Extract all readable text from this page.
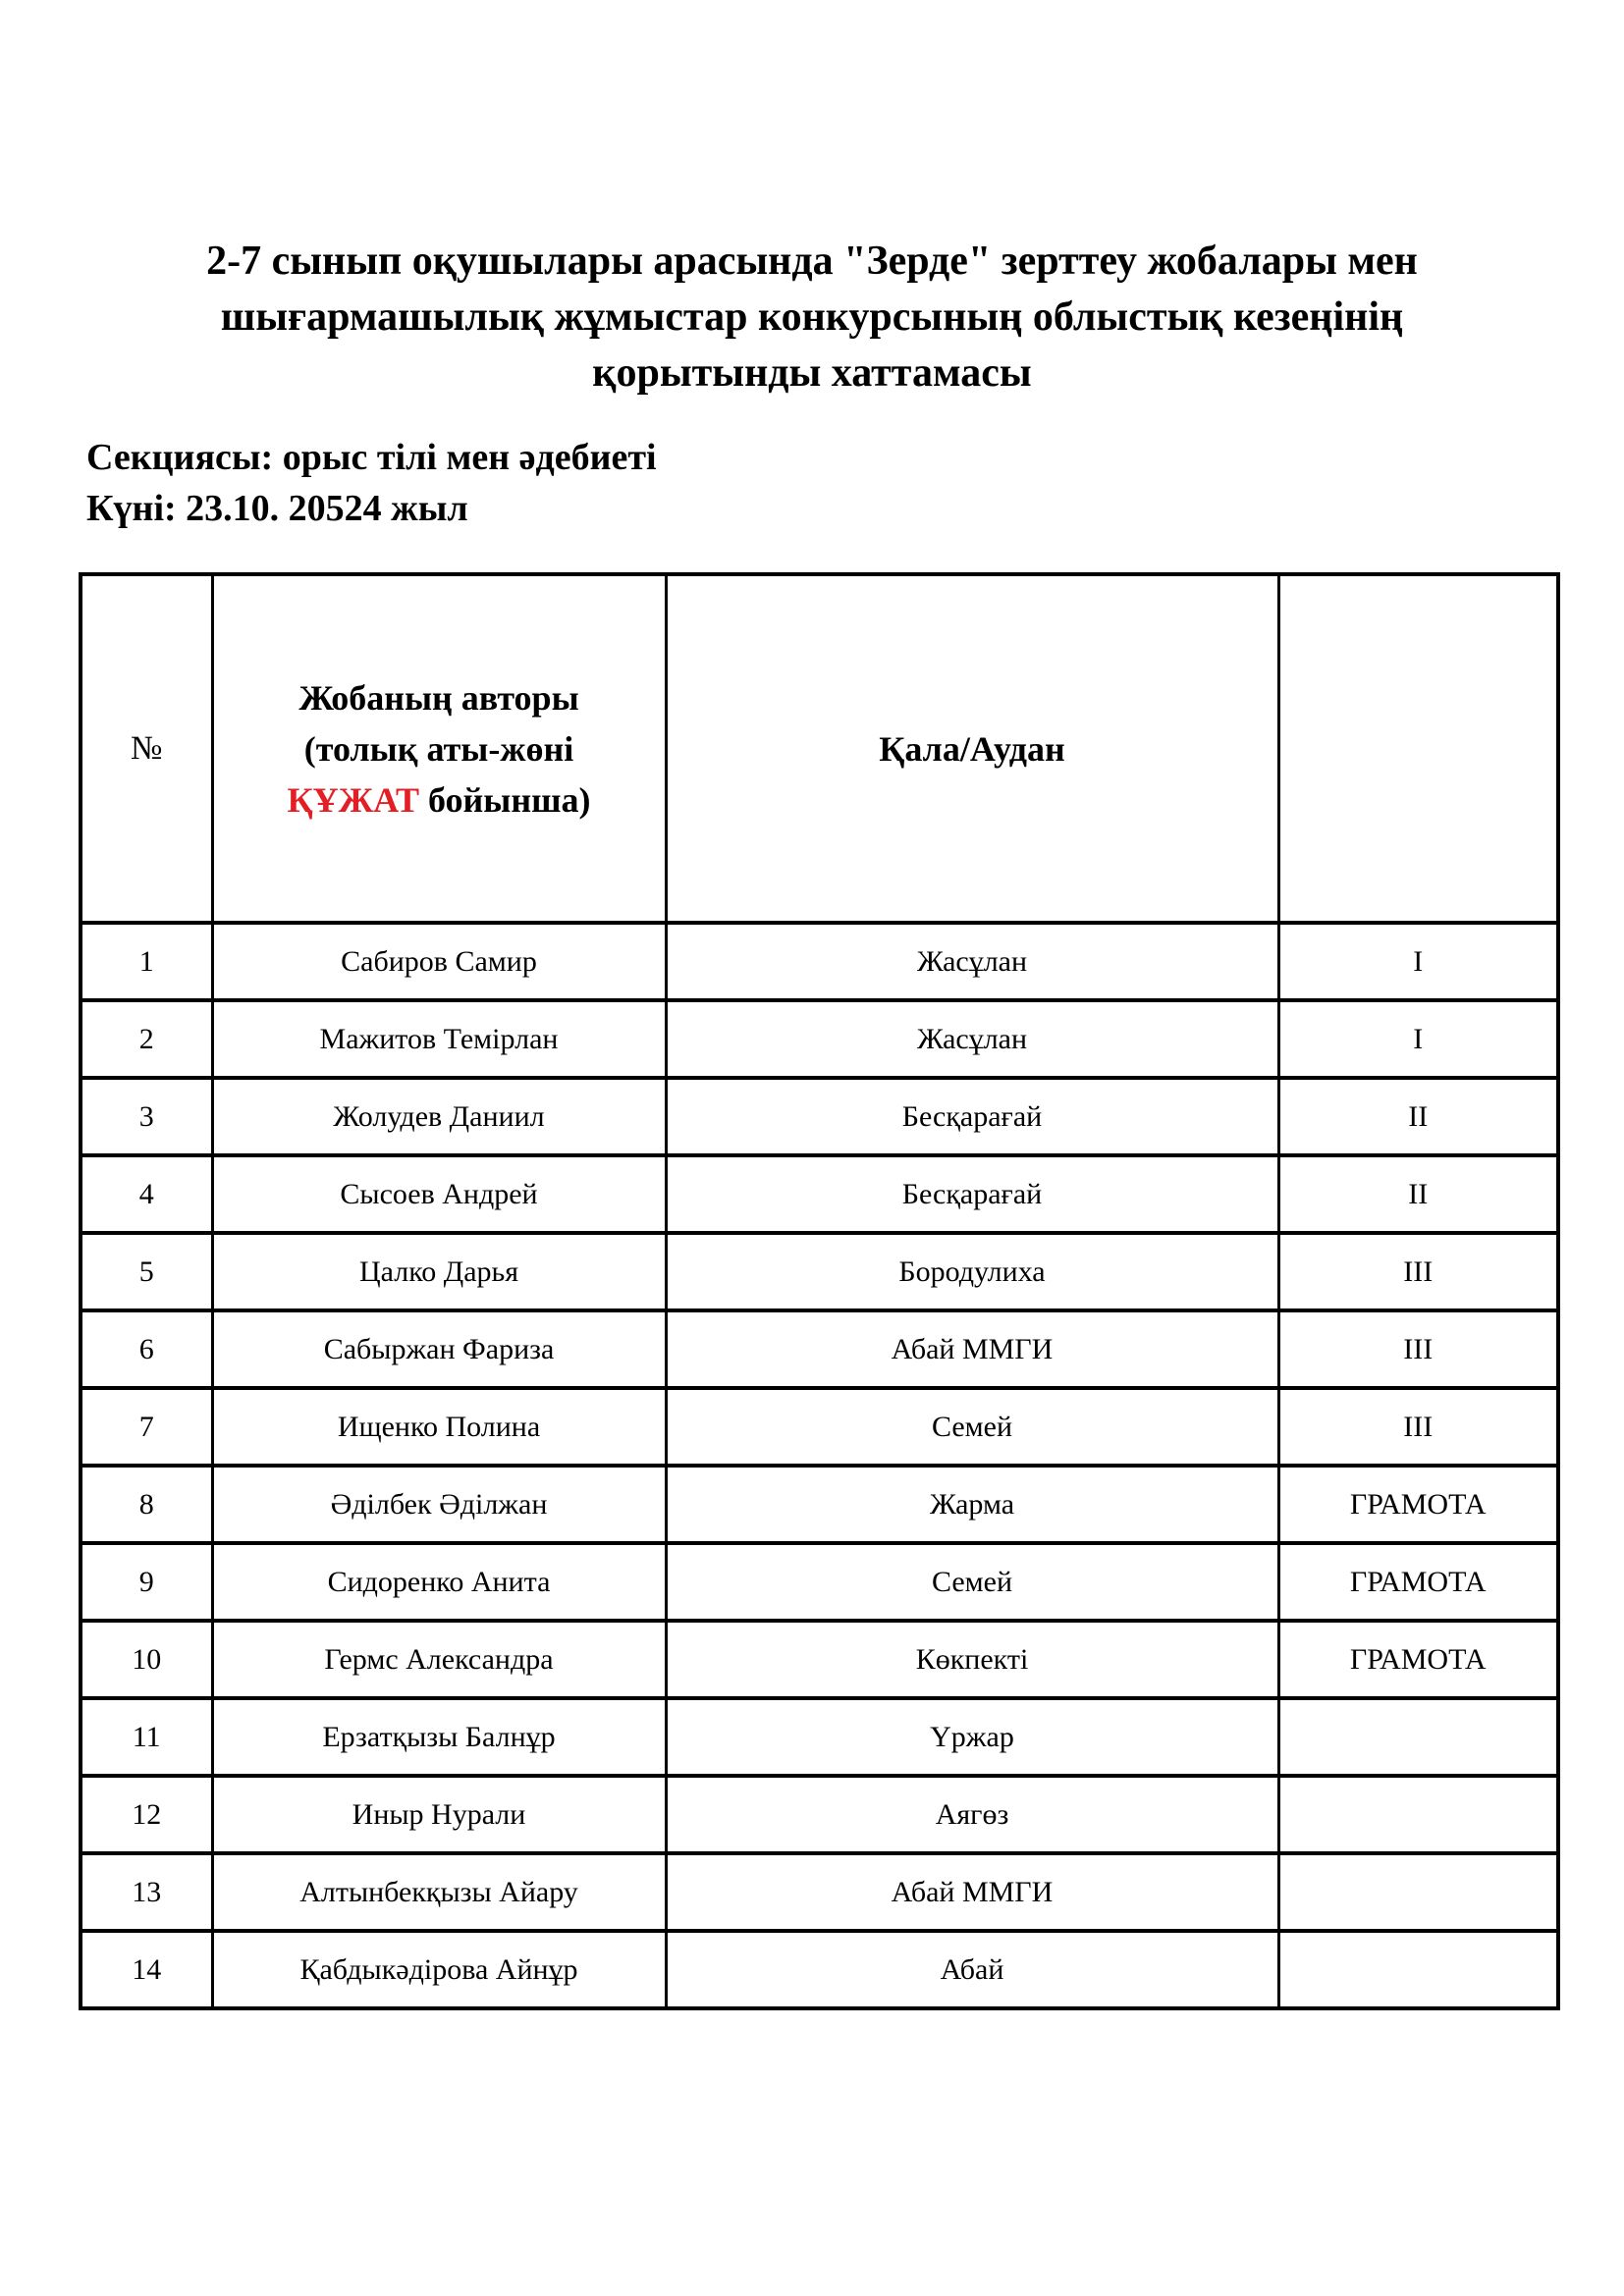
2-7 сынып оқушылары арасында "Зерде" зерттеу жобалары мен
шығармашылық жұмыстар конкурсының облыстық кезеңінің
қорытынды хаттамасы
Секциясы: орыс тілі мен әдебиеті
Күні: 23.10. 20524 жыл
№	Жобаның авторы
(толық аты-жөні
ҚҰЖАТ бойынша)	Қала/Аудан	
1	Сабиров Самир	Жасұлан	I
2	Мажитов Темірлан	Жасұлан	I
3	Жолудев Даниил	Бесқарағай	II
4	Сысоев Андрей	Бесқарағай	II
5	Цалко Дарья	Бородулиха	III
6	Сабыржан Фариза	Абай ММГИ	III
7	Ищенко Полина	Семей	III
8	Әділбек Әділжан	Жарма	ГРАМОТА
9	Сидоренко Анита	Семей	ГРАМОТА
10	Гермс Александра	Көкпекті	ГРАМОТА
11	Ерзатқызы Балнұр	Үржар	
12	Иныр Нурали	Аягөз	
13	Алтынбекқызы Айару	Абай ММГИ	
14	Қабдыкәдірова Айнұр	Абай	
